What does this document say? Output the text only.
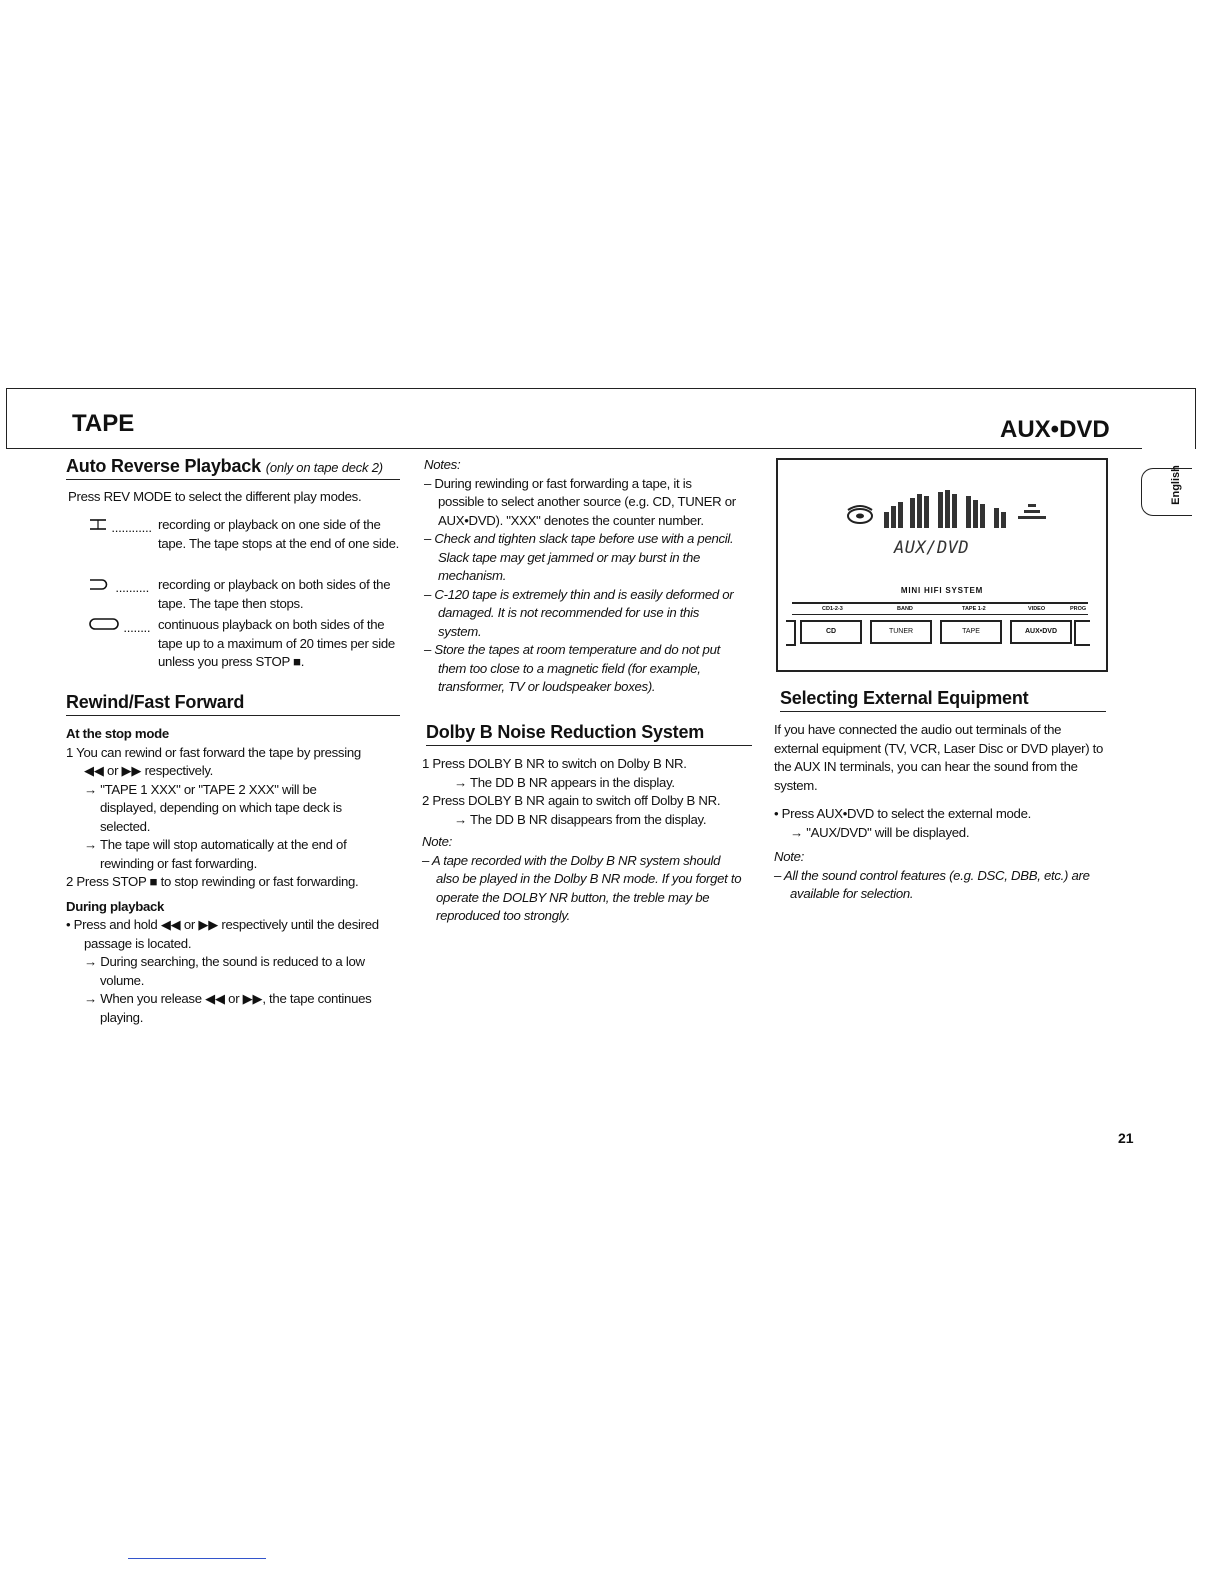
TAPE	AUX•DVD
English
Auto Reverse Playback (only on tape deck 2)
Press REV MODE to select the different play modes.
............ recording or playback on one side of the tape. The tape stops at the end of one side.
.......... recording or playback on both sides of the tape. The tape then stops.
........ continuous playback on both sides of the tape up to a maximum of 20 times per side unless you press STOP ■.
Rewind/Fast Forward
At the stop mode
1 You can rewind or fast forward the tape by pressing
◀◀ or ▶▶ respectively.
→ "TAPE 1 XXX" or "TAPE 2 XXX" will be
displayed, depending on which tape deck is
selected.
→ The tape will stop automatically at the end of
rewinding or fast forwarding.
2 Press STOP ■ to stop rewinding or fast forwarding.
During playback
• Press and hold ◀◀ or ▶▶ respectively until the desired
passage is located.
→ During searching, the sound is reduced to a low
volume.
→ When you release ◀◀ or ▶▶, the tape continues
playing.
Notes:
– During rewinding or fast forwarding a tape, it is
possible to select another source (e.g. CD, TUNER or
AUX•DVD). "XXX" denotes the counter number.
– Check and tighten slack tape before use with a pencil.
Slack tape may get jammed or may burst in the
mechanism.
– C-120 tape is extremely thin and is easily deformed or
damaged. It is not recommended for use in this
system.
– Store the tapes at room temperature and do not put
them too close to a magnetic field (for example,
transformer, TV or loudspeaker boxes).
Dolby B Noise Reduction System
1 Press DOLBY B NR to switch on Dolby B NR.
→ The DD B NR appears in the display.
2 Press DOLBY B NR again to switch off Dolby B NR.
→ The DD B NR disappears from the display.
Note:
– A tape recorded with the Dolby B NR system should
also be played in the Dolby B NR mode. If you forget to
operate the DOLBY NR button, the treble may be
reproduced too strongly.
AUX/DVD
MINI HIFI SYSTEM
CD1-2-3	BAND	TAPE 1-2	VIDEO	PROG
CD	TUNER	TAPE	AUX•DVD
Selecting External Equipment
If you have connected the audio out terminals of the
external equipment (TV, VCR, Laser Disc or DVD player) to
the AUX IN terminals, you can hear the sound from the
system.
• Press AUX•DVD to select the external mode.
→ "AUX/DVD" will be displayed.
Note:
– All the sound control features (e.g. DSC, DBB, etc.) are
available for selection.
21
